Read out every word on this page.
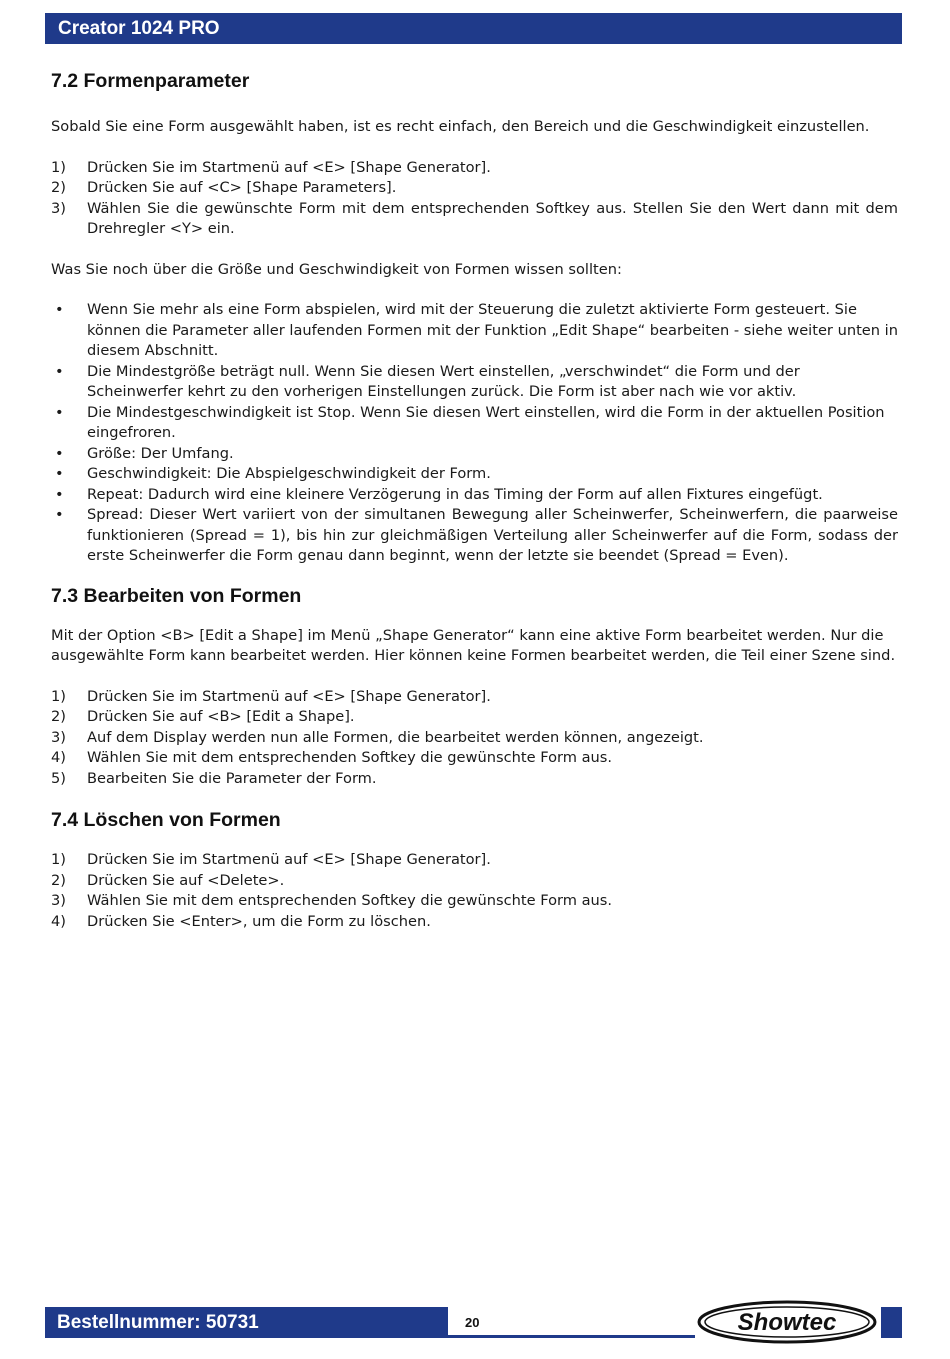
Creator 1024 PRO
7.2 Formenparameter

Sobald Sie eine Form ausgewählt haben, ist es recht einfach, den Bereich und die Geschwindigkeit einzustellen.

1)	Drücken Sie im Startmenü auf <E> [Shape Generator].
2)	Drücken Sie auf <C> [Shape Parameters].
3)	Wählen Sie die gewünschte Form mit dem entsprechenden Softkey aus. Stellen Sie den Wert dann mit dem Drehregler <Y> ein.

Was Sie noch über die Größe und Geschwindigkeit von Formen wissen sollten:

•	Wenn Sie mehr als eine Form abspielen, wird mit der Steuerung die zuletzt aktivierte Form gesteuert. Sie können die Parameter aller laufenden Formen mit der Funktion „Edit Shape“ bearbeiten - siehe weiter unten in diesem Abschnitt.
•	Die Mindestgröße beträgt null. Wenn Sie diesen Wert einstellen, „verschwindet“ die Form und der Scheinwerfer kehrt zu den vorherigen Einstellungen zurück. Die Form ist aber nach wie vor aktiv.
•	Die Mindestgeschwindigkeit ist Stop. Wenn Sie diesen Wert einstellen, wird die Form in der aktuellen Position eingefroren.
•	Größe: Der Umfang.
•	Geschwindigkeit: Die Abspielgeschwindigkeit der Form.
•	Repeat: Dadurch wird eine kleinere Verzögerung in das Timing der Form auf allen Fixtures eingefügt.
•	Spread: Dieser Wert variiert von der simultanen Bewegung aller Scheinwerfer, Scheinwerfern, die paarweise funktionieren (Spread = 1), bis hin zur gleichmäßigen Verteilung aller Scheinwerfer auf die Form, sodass der erste Scheinwerfer die Form genau dann beginnt, wenn der letzte sie beendet (Spread = Even).
7.3 Bearbeiten von Formen

Mit der Option <B> [Edit a Shape] im Menü „Shape Generator“ kann eine aktive Form bearbeitet werden. Nur die ausgewählte Form kann bearbeitet werden. Hier können keine Formen bearbeitet werden, die Teil einer Szene sind.

1)	Drücken Sie im Startmenü auf <E> [Shape Generator].
2)	Drücken Sie auf <B> [Edit a Shape].
3)	Auf dem Display werden nun alle Formen, die bearbeitet werden können, angezeigt.
4)	Wählen Sie mit dem entsprechenden Softkey die gewünschte Form aus.
5)	Bearbeiten Sie die Parameter der Form.
7.4 Löschen von Formen
1)	Drücken Sie im Startmenü auf <E> [Shape Generator].
2)	Drücken Sie auf <Delete>.
3)	Wählen Sie mit dem entsprechenden Softkey die gewünschte Form aus.
4)	Drücken Sie <Enter>, um die Form zu löschen.
Bestellnummer: 50731	20	Showtec
